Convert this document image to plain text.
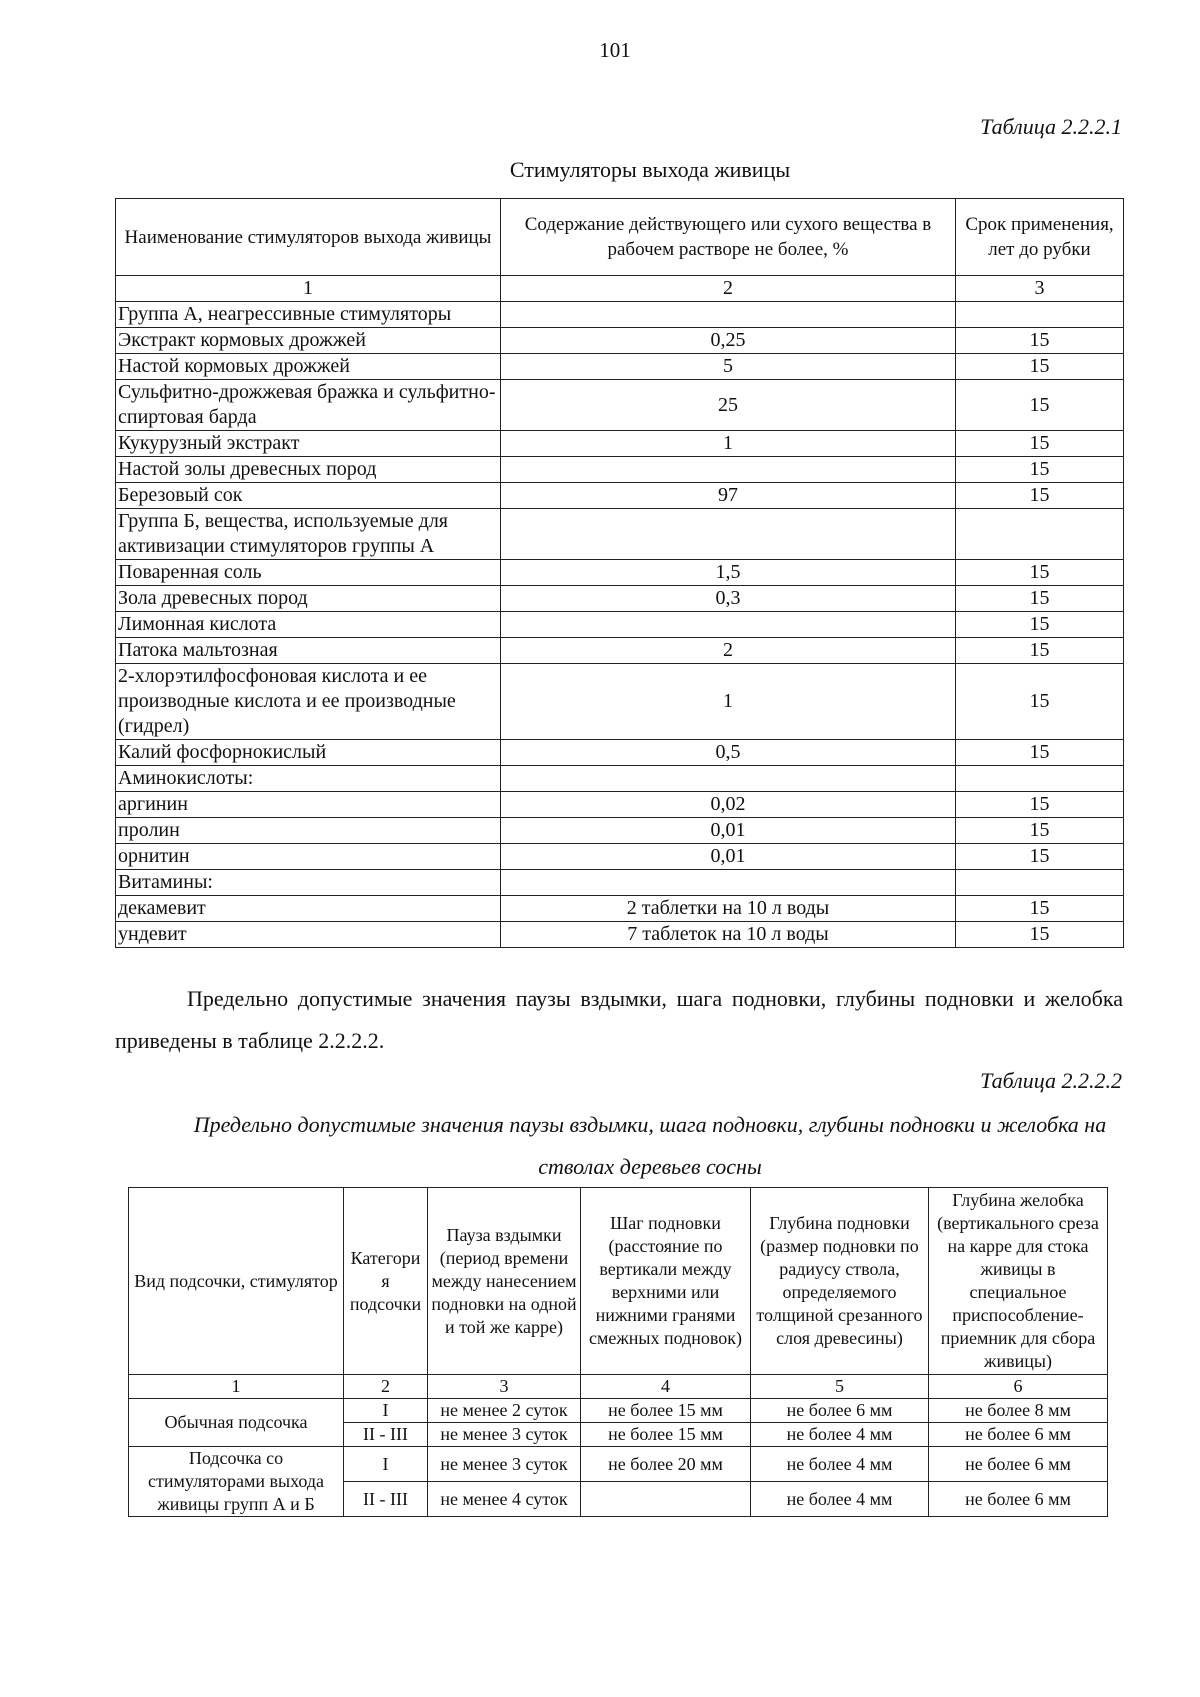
101
Таблица 2.2.2.1
Стимуляторы выхода живицы
Наименование стимуляторов выхода живицы	Содержание действующего или сухого вещества в рабочем растворе не более, %	Срок применения, лет до рубки
1	2	3
Группа А, неагрессивные стимуляторы		
Экстракт кормовых дрожжей	0,25	15
Настой кормовых дрожжей	5	15
Сульфитно-дрожжевая бражка и сульфитно-спиртовая барда	25	15
Кукурузный экстракт	1	15
Настой золы древесных пород		15
Березовый сок	97	15
Группа Б, вещества, используемые для активизации стимуляторов группы А		
Поваренная соль	1,5	15
Зола древесных пород	0,3	15
Лимонная кислота		15
Патока мальтозная	2	15
2-хлорэтилфосфоновая кислота и ее производные кислота и ее производные (гидрел)	1	15
Калий фосфорнокислый	0,5	15
Аминокислоты:		
аргинин	0,02	15
пролин	0,01	15
орнитин	0,01	15
Витамины:		
декамевит	2 таблетки на 10 л воды	15
ундевит	7 таблеток на 10 л воды	15

Предельно допустимые значения паузы вздымки, шага подновки, глубины подновки и желобка приведены в таблице 2.2.2.2.

Таблица 2.2.2.2
Предельно допустимые значения паузы вздымки, шага подновки, глубины подновки и желобка на стволах деревьев сосны
Вид подсочки, стимулятор	Категори я подсочки	Пауза вздымки (период времени между нанесением подновки на одной и той же карре)	Шаг подновки (расстояние по вертикали между верхними или нижними гранями смежных подновок)	Глубина подновки (размер подновки по радиусу ствола, определяемого толщиной срезанного слоя древесины)	Глубина желобка (вертикального среза на карре для стока живицы в специальное приспособление-приемник для сбора живицы)
1	2	3	4	5	6
Обычная подсочка	I	не менее 2 суток	не более 15 мм	не более 6 мм	не более 8 мм
	II - III	не менее 3 суток	не более 15 мм	не более 4 мм	не более 6 мм
Подсочка со стимуляторами выхода живицы групп А и Б	I	не менее 3 суток	не более 20 мм	не более 4 мм	не более 6 мм
	II - III	не менее 4 суток		не более 4 мм	не более 6 мм
